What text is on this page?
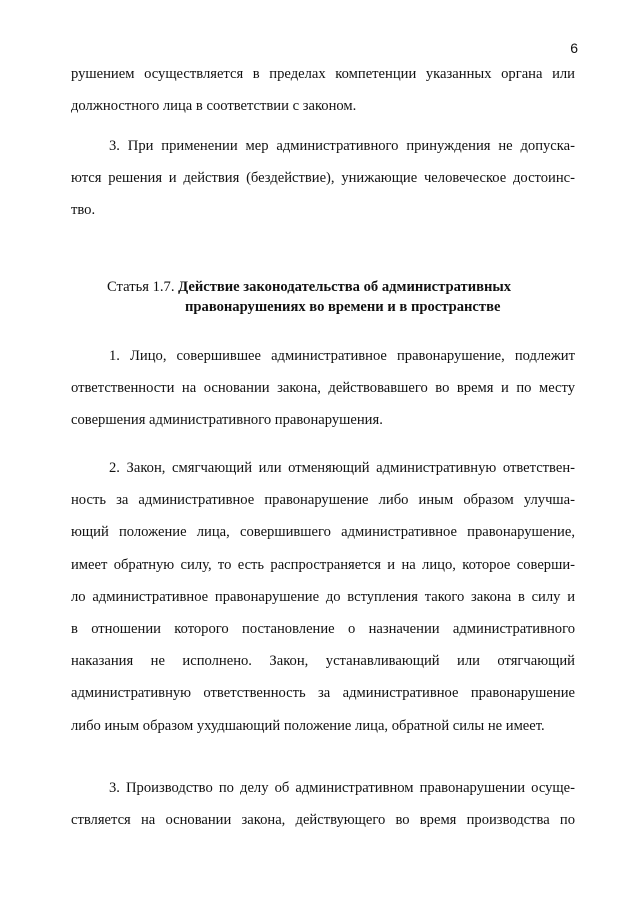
6
рушением осуществляется в пределах компетенции указанных органа или
должностного лица в соответствии с законом.
3. При применении мер административного принуждения не допуска-
ются решения и действия (бездействие), унижающие человеческое достоинс-
тво.
Статья 1.7. Действие законодательства об административных
правонарушениях во времени и в пространстве
1. Лицо, совершившее административное правонарушение, подлежит
ответственности на основании закона, действовавшего во время и по месту
совершения административного правонарушения.
2. Закон, смягчающий или отменяющий административную ответствен-
ность за административное правонарушение либо иным образом улучша-
ющий положение лица, совершившего административное правонарушение,
имеет обратную силу, то есть распространяется и на лицо, которое соверши-
ло административное правонарушение до вступления такого закона в силу и
в отношении которого постановление о назначении административного
наказания не исполнено. Закон, устанавливающий или отягчающий
административную ответственность за административное правонарушение
либо иным образом ухудшающий положение лица, обратной силы не имеет.
3. Производство по делу об административном правонарушении осуще-
ствляется на основании закона, действующего во время производства по
